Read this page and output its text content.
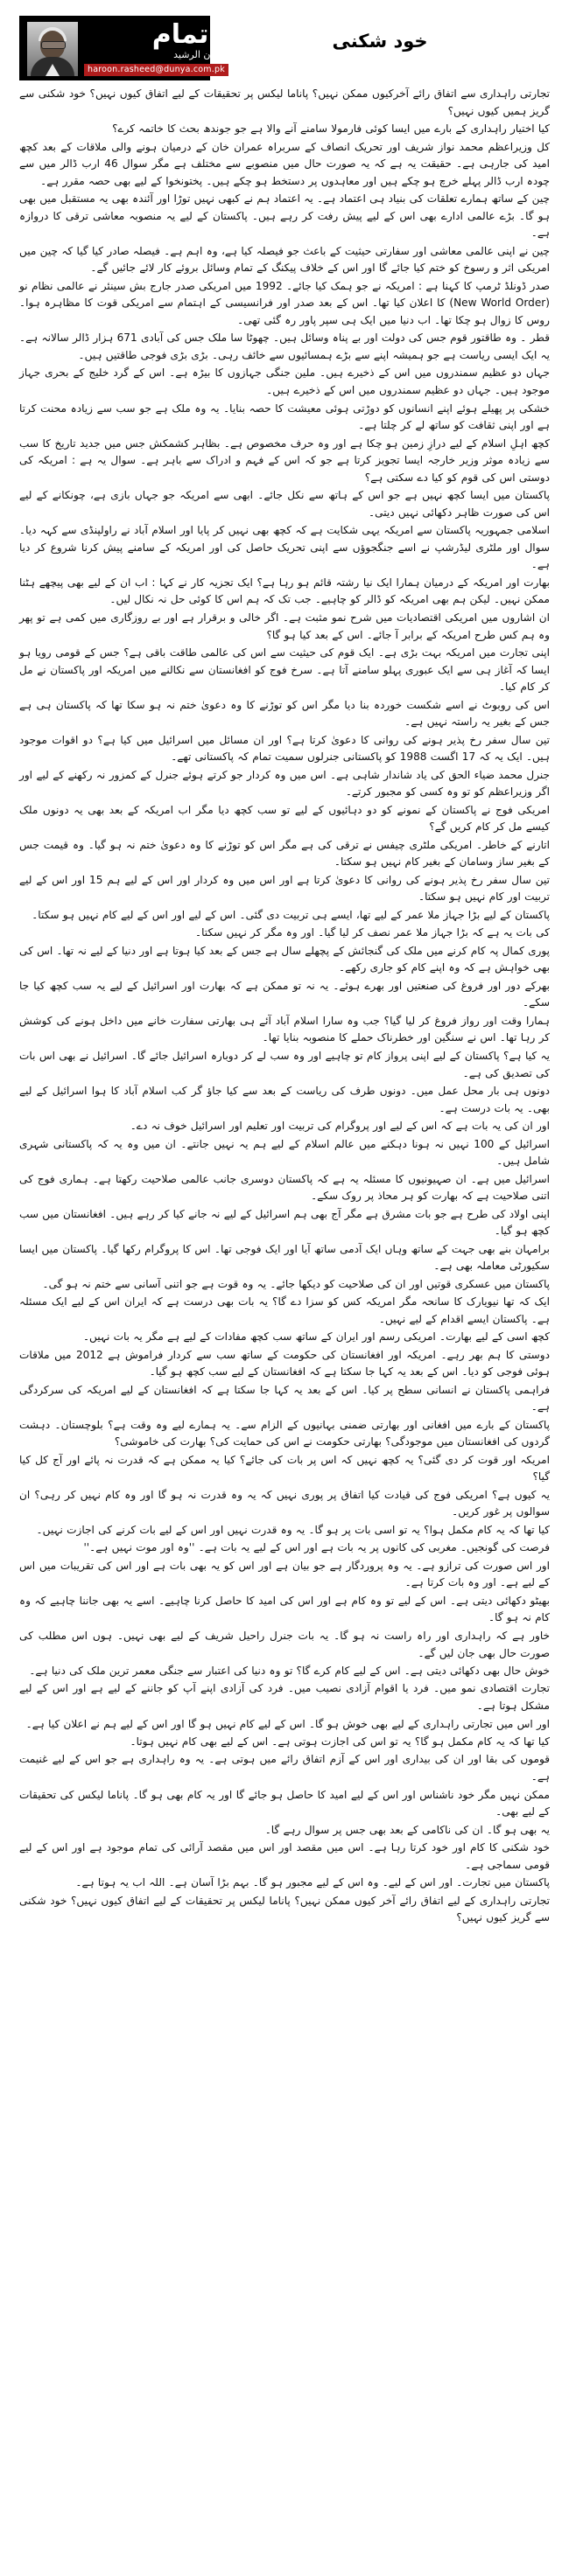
ناتمام
ہارون الرشید
haroon.rasheed@dunya.com.pk
خود شکنی

تجارتی راہداری سے اتفاق رائے آخرکیوں ممکن نہیں؟ پاناما لیکس پر تحقیقات کے لیے اتفاق کیوں نہیں؟ خود شکنی سے گریز ہمیں کیوں نہیں؟

کیا اختیار راہداری کے بارے میں ایسا کوئی فارمولا سامنے آنے والا ہے جو جوندھ بحث کا خاتمہ کرے؟

کل وزیراعظم محمد نواز شریف اور تحریک انصاف کے سربراہ عمران خان کے درمیان ہونے والی ملاقات کے بعد کچھ امید کی جارہی ہے۔ حقیقت یہ ہے کہ یہ صورت حال میں منصوبے سے مختلف ہے مگر سوال 46 ارب ڈالر میں سے چودہ ارب ڈالر پہلے خرچ ہو چکے ہیں اور معاہدوں پر دستخط ہو چکے ہیں۔ پختونخوا کے لیے بھی حصہ مقرر ہے۔

چین کے ساتھ ہمارے تعلقات کی بنیاد ہی اعتماد ہے۔ یہ اعتماد ہم نے کبھی نہیں توڑا اور آئندہ بھی یہ مستقبل میں بھی ہو گا۔ بڑے عالمی ادارے بھی اس کے لیے پیش رفت کر رہے ہیں۔ پاکستان کے لیے یہ منصوبہ معاشی ترقی کا دروازہ ہے۔

چین نے اپنی عالمی معاشی اور سفارتی حیثیت کے باعث جو فیصلہ کیا ہے، وہ اہم ہے۔ فیصلہ صادر کیا گیا کہ چین میں امریکی اثر و رسوخ کو ختم کیا جائے گا اور اس کے خلاف پیکنگ کے تمام وسائل بروئے کار لائے جائیں گے۔

صدر ڈونلڈ ٹرمپ کا کہنا ہے : امریکہ نے جو ہمک کیا جائے۔ 1992 میں امریکی صدر جارج بش سینئر نے عالمی نظام نو (New World Order) کا اعلان کیا تھا۔ اس کے بعد صدر اور فرانسیسی کے اہتمام سے امریکی قوت کا مظاہرہ ہوا۔ روس کا زوال ہو چکا تھا۔ اب دنیا میں ایک ہی سپر پاور رہ گئی تھی۔

قطر ۔ وہ طاقتور قوم جس کی دولت اور بے پناہ وسائل ہیں۔ چھوٹا سا ملک جس کی آبادی 671 ہزار ڈالر سالانہ ہے۔ یہ ایک ایسی ریاست ہے جو ہمیشہ اپنے سے بڑے ہمسائیوں سے خائف رہی۔ بڑی بڑی فوجی طاقتیں ہیں۔

جہاں دو عظیم سمندروں میں اس کے ذخیرے ہیں۔ ملین جنگی جہازوں کا بیڑہ ہے۔ اس کے گرد خلیج کے بحری جہاز موجود ہیں۔ جہاں دو عظیم سمندروں میں اس کے ذخیرے ہیں۔

خشکی پر پھیلے ہوئے اپنے انسانوں کو دوڑتی ہوئی معیشت کا حصہ بنایا۔ یہ وہ ملک ہے جو سب سے زیادہ محنت کرتا ہے اور اپنی ثقافت کو ساتھ لے کر چلتا ہے۔

کچھ اہلِ اسلام کے لیے درازِ زمین ہو چکا ہے اور وہ حرف مخصوص ہے۔ بظاہر کشمکش جس میں جدید تاریخ کا سب سے زیادہ موثر وزیر خارجہ ایسا تجویز کرتا ہے جو کہ اس کے فہم و ادراک سے باہر ہے۔ سوال یہ ہے : امریکہ کی دوستی اس کی قوم کو کیا دے سکتی ہے؟

پاکستان میں ایسا کچھ نہیں ہے جو اس کے ہاتھ سے نکل جائے۔ ابھی سے امریکہ جو جہاں بازی ہے، چونکانے کے لیے اس کی صورت ظاہر دکھائی نہیں دیتی۔

اسلامی جمہوریہ پاکستان سے امریکہ یہی شکایت ہے کہ کچھ بھی نہیں کر پایا اور اسلام آباد نے راولپنڈی سے کہہ دیا۔ سوال اور ملٹری لیڈرشپ نے اسے جنگجوؤں سے اپنی تحریک حاصل کی اور امریکہ کے سامنے پیش کرنا شروع کر دیا ہے۔

بھارت اور امریکہ کے درمیان ہمارا ایک نیا رشتہ قائم ہو رہا ہے؟ ایک تجزیہ کار نے کہا : اب ان کے لیے بھی پیچھے ہٹنا ممکن نہیں۔ لیکن ہم بھی امریکہ کو ڈالر کو چاہیے۔ جب تک کہ ہم اس کا کوئی حل نہ نکال لیں۔

ان اشاروں میں امریکی اقتصادیات میں شرح نمو مثبت ہے۔ اگر خالی و برقرار ہے اور بے روزگاری میں کمی ہے تو پھر وہ ہم کس طرح امریکہ کے برابر آ جائے۔ اس کے بعد کیا ہو گا؟

اپنی تجارت میں امریکہ بہت بڑی ہے۔ ایک قوم کی حیثیت سے اس کی عالمی طاقت باقی ہے؟ جس کے قومی رویا ہو ایسا کہ آغاز ہی سے ایک عبوری پہلو سامنے آتا ہے۔ سرخ فوج کو افغانستان سے نکالنے میں امریکہ اور پاکستان نے مل کر کام کیا۔

اس کی روبوٹ نے اسے شکست خوردہ بنا دیا مگر اس کو توڑنے کا وہ دعویٰ ختم نہ ہو سکا تھا کہ پاکستان ہی ہے جس کے بغیر یہ راستہ نہیں ہے۔

تین سال سفر رخ پذیر ہونے کی روانی کا دعویٰ کرتا ہے؟ اور ان مسائل میں اسرائیل میں کیا ہے؟ دو اقوات موجود ہیں۔ ایک یہ کہ 17 اگست 1988 کو پاکستانی جنرلوں سمیت تمام کہ پاکستانی تھے۔

جنرل محمد ضیاء الحق کی یاد شاندار شاہی ہے۔ اس میں وہ کردار جو کرتے ہوئے جنرل کے کمزور نہ رکھنے کے لیے اور اگر وزیراعظم کو تو وہ کسی کو مجبور کرتے۔

امریکی فوج نے پاکستان کے نمونے کو دو دہائیوں کے لیے تو سب کچھ دیا مگر اب امریکہ کے بعد بھی یہ دونوں ملک کیسے مل کر کام کریں گے؟

اتارنے کے خاطر۔ امریکی ملٹری چیفس نے ترقی کی ہے مگر اس کو توڑنے کا وہ دعویٰ ختم نہ ہو گیا۔ وہ قیمت جس کے بغیر ساز وسامان کے بغیر کام نہیں ہو سکتا۔

تین سال سفر رخ پذیر ہونے کی روانی کا دعویٰ کرتا ہے اور اس میں وہ کردار اور اس کے لیے ہم 15 اور اس کے لیے تربیت اور کام نہیں ہو سکتا۔

پاکستان کے لیے بڑا جہاز ملا عمر کے لیے تھا، ایسے ہی تربیت دی گئی۔ اس کے لیے اور اس کے لیے کام نہیں ہو سکتا۔

کی بات یہ ہے کہ بڑا جہاز ملا عمر نصف کر لیا گیا۔ اور وہ مگر کر نہیں سکتا۔

پوری کمال پہ کام کرنے میں ملک کی گنجائش کے پچھلے سال ہے جس کے بعد کیا ہوتا ہے اور دنیا کے لیے نہ تھا۔ اس کی بھی خواہش ہے کہ وہ اپنے کام کو جاری رکھے۔

بھرکے دور اور فروغ کی صنعتیں اور بھرے ہوئے۔ یہ نہ تو ممکن ہے کہ بھارت اور اسرائیل کے لیے یہ سب کچھ کیا جا سکے۔

ہمارا وقت اور رواز فروغ کر لیا گیا؟ جب وہ سارا اسلام آباد آئے ہی بھارتی سفارت خانے میں داخل ہونے کی کوشش کر رہا تھا۔ اس نے سنگین اور خطرناک حملے کا منصوبہ بنایا تھا۔

یہ کیا ہے؟ پاکستان کے لیے اپنی پرواز کام تو چاہیے اور وہ سب لے کر دوبارہ اسرائیل جائے گا۔ اسرائیل نے بھی اس بات کی تصدیق کی ہے۔

دونوں ہی بار محل عمل میں۔ دونوں طرف کی ریاست کے بعد سے کیا جاؤ گر کب اسلام آباد کا ہوا اسرائیل کے لیے بھی۔ یہ بات درست ہے۔

اور ان کی یہ بات ہے کہ اس کے لیے اور پروگرام کی تربیت اور تعلیم اور اسرائیل خوف نہ دے۔

اسرائیل کے 100 نہیں نہ ہونا دہکنے میں عالم اسلام کے لیے ہم یہ نہیں جانتے۔ ان میں وہ یہ کہ پاکستانی شہری شامل ہیں۔

اسرائیل میں ہے۔ ان صہیونیوں کا مسئلہ یہ ہے کہ پاکستان دوسری جانب عالمی صلاحیت رکھتا ہے۔ ہماری فوج کی اتنی صلاحیت ہے کہ بھارت کو ہر محاذ پر روک سکے۔

اپنی اولاد کی طرح ہے جو بات مشرق ہے مگر آج بھی ہم اسرائیل کے لیے نہ جانے کیا کر رہے ہیں۔ افغانستان میں سب کچھ ہو گیا۔

برامہان بنے بھی جہت کے ساتھ وہاں ایک آدمی ساتھ آیا اور ایک فوجی تھا۔ اس کا پروگرام رکھا گیا۔ پاکستان میں ایسا سکیورٹی معاملہ بھی ہے۔

پاکستان میں عسکری قوتیں اور ان کی صلاحیت کو دیکھا جائے۔ یہ وہ قوت ہے جو اتنی آسانی سے ختم نہ ہو گی۔

ایک کہ تھا نیویارک کا سانحہ مگر امریکہ کس کو سزا دے گا؟ یہ بات بھی درست ہے کہ ایران اس کے لیے ایک مسئلہ ہے۔ پاکستان ایسے اقدام کے لیے نہیں۔

کچھ اسی کے لیے بھارت۔ امریکی رسم اور ایران کے ساتھ سب کچھ مفادات کے لیے ہے مگر یہ بات نہیں۔

دوستی کا ہم بھر رہے۔ امریکہ اور افغانستان کی حکومت کے ساتھ سب سے کردار فراموش ہے 2012 میں ملاقات ہوئی فوجی کو دیا۔ اس کے بعد یہ کہا جا سکتا ہے کہ افغانستان کے لیے سب کچھ ہو گیا۔

فراہمی پاکستان نے انسانی سطح پر کیا۔ اس کے بعد یہ کہا جا سکتا ہے کہ افغانستان کے لیے امریکہ کی سرکردگی ہے۔

پاکستان کے بارے میں افغانی اور بھارتی ضمنی بہانیوں کے الزام سے۔ یہ ہمارے لیے وہ وقت ہے؟ بلوچستان۔ دہشت گردوں کی افغانستان میں موجودگی؟ بھارتی حکومت نے اس کی حمایت کی؟ بھارت کی خاموشی؟

امریکہ اور قوت کر دی گئی؟ یہ کچھ نہیں کہ اس پر بات کی جائے؟ کیا یہ ممکن ہے کہ قدرت نہ پائے اور آج کل کیا گیا؟

یہ کیوں ہے؟ امریکی فوج کی قیادت کیا اتفاق پر پوری نہیں کہ یہ وہ قدرت نہ ہو گا اور وہ کام نہیں کر رہی؟ ان سوالوں پر غور کریں۔

کیا تھا کہ یہ کام مکمل ہوا؟ یہ تو اسی بات پر ہو گا۔ یہ وہ قدرت نہیں اور اس کے لیے بات کرنے کی اجازت نہیں۔

فرصت کی گونجیں۔ مغربی کی کانوں پر یہ بات ہے اور اس کے لیے یہ بات ہے۔ ''وہ اور موت نہیں ہے۔''

اور اس صورت کی ترازو ہے۔ یہ وہ پروردگار ہے جو بیان ہے اور اس کو یہ بھی بات ہے اور اس کی تقریبات میں اس کے لیے ہے۔ اور وہ بات کرتا ہے۔

بھیٹو دکھائی دیتی ہے۔ اس کے لیے تو وہ کام ہے اور اس کی امید کا حاصل کرنا چاہیے۔ اسے یہ بھی جاننا چاہیے کہ وہ کام نہ ہو گا۔

خاور ہے کہ راہداری اور راہ راست نہ ہو گا۔ یہ بات جنرل راحیل شریف کے لیے بھی نہیں۔ ہوں اس مطلب کی صورت حال بھی جان لیں گے۔

خوش حال بھی دکھائی دیتی ہے۔ اس کے لیے کام کرے گا؟ تو وہ دنیا کی اعتبار سے جنگی معمر ترین ملک کی دنیا ہے۔

تجارت اقتصادی نمو میں۔ فرد یا اقوام آزادی نصیب میں۔ فرد کی آزادی اپنے آپ کو جاننے کے لیے ہے اور اس کے لیے مشکل ہوتا ہے۔

اور اس میں تجارتی راہداری کے لیے بھی خوش ہو گا۔ اس کے لیے کام نہیں ہو گا اور اس کے لیے ہم نے اعلان کیا ہے۔

کیا تھا کہ یہ کام مکمل ہو گا؟ یہ تو اس کی اجازت ہوتی ہے۔ اس کے لیے بھی کام نہیں ہوتا۔

قوموں کی بقا اور ان کی بیداری اور اس کے آزم اتفاق رائے میں ہوتی ہے۔ یہ وہ راہداری ہے جو اس کے لیے غنیمت ہے۔

ممکن نہیں مگر خود ناشناس اور اس کے لیے امید کا حاصل ہو جائے گا اور یہ کام بھی ہو گا۔ پاناما لیکس کی تحقیقات کے لیے بھی۔

یہ بھی ہو گا۔ ان کی ناکامی کے بعد بھی جس پر سوال رہے گا۔

خود شکنی کا کام اور خود کرتا رہا ہے۔ اس میں مقصد اور اس میں مقصد آرائی کی تمام موجود ہے اور اس کے لیے قومی سماجی ہے۔

پاکستان میں تجارت۔ اور اس کے لیے۔ وہ اس کے لیے مجبور ہو گا۔ بہم بڑا آسان ہے۔ اللہ اب یہ ہوتا ہے۔

تجارتی راہداری کے لیے اتفاق رائے آخر کیوں ممکن نہیں؟ پاناما لیکس پر تحقیقات کے لیے اتفاق کیوں نہیں؟ خود شکنی سے گریز کیوں نہیں؟
